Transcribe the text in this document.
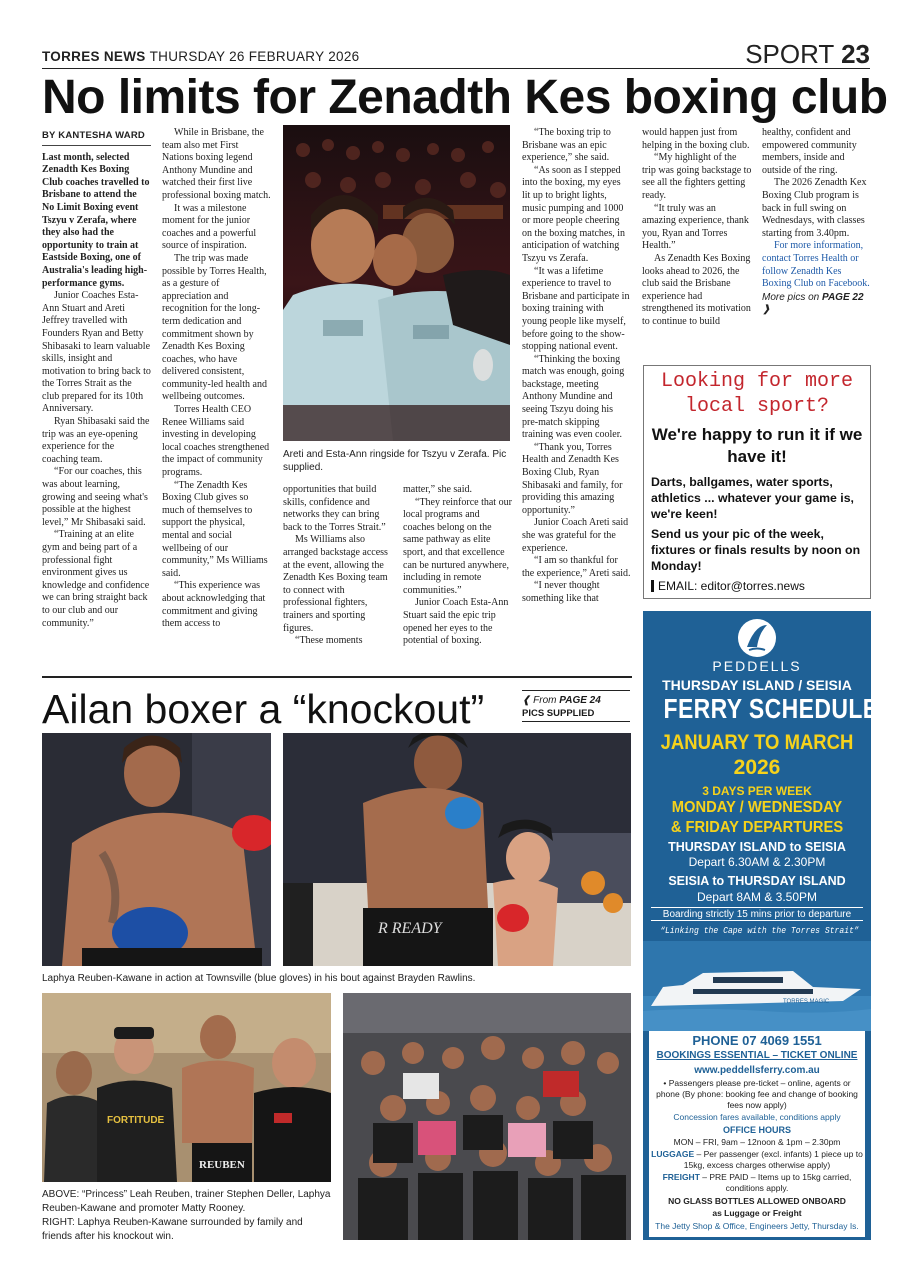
TORRES NEWS THURSDAY 26 FEBRUARY 2026	SPORT 23
No limits for Zenadth Kes boxing club
BY KANTESHA WARD

Last month, selected Zenadth Kes Boxing Club coaches travelled to Brisbane to attend the No Limit Boxing event Tszyu v Zerafa, where they also had the opportunity to train at Eastside Boxing, one of Australia's leading high-performance gyms.

Junior Coaches Esta-Ann Stuart and Areti Jeffrey travelled with Founders Ryan and Betty Shibasaki to learn valuable skills, insight and motivation to bring back to the Torres Strait as the club prepared for its 10th Anniversary.

Ryan Shibasaki said the trip was an eye-opening experience for the coaching team.

“For our coaches, this was about learning, growing and seeing what's possible at the highest level,” Mr Shibasaki said.

“Training at an elite gym and being part of a professional fight environment gives us knowledge and confidence we can bring straight back to our club and our community.”

While in Brisbane, the team also met First Nations boxing legend Anthony Mundine and watched their first live professional boxing match.

It was a milestone moment for the junior coaches and a powerful source of inspiration.

The trip was made possible by Torres Health, as a gesture of appreciation and recognition for the long-term dedication and commitment shown by Zenadth Kes Boxing coaches, who have delivered consistent, community-led health and wellbeing outcomes.

Torres Health CEO Renee Williams said investing in developing local coaches strengthened the impact of community programs.

“The Zenadth Kes Boxing Club gives so much of themselves to support the physical, mental and social wellbeing of our community,” Ms Williams said.

“This experience was about acknowledging that commitment and giving them access to

Areti and Esta-Ann ringside for Tszyu v Zerafa. Pic supplied.

opportunities that build skills, confidence and networks they can bring back to the Torres Strait.”

Ms Williams also arranged backstage access at the event, allowing the Zenadth Kes Boxing team to connect with professional fighters, trainers and sporting figures.

“These moments

matter,” she said.

“They reinforce that our local programs and coaches belong on the same pathway as elite sport, and that excellence can be nurtured anywhere, including in remote communities.”

Junior Coach Esta-Ann Stuart said the epic trip opened her eyes to the potential of boxing.

“The boxing trip to Brisbane was an epic experience,” she said.

“As soon as I stepped into the boxing, my eyes lit up to bright lights, music pumping and 1000 or more people cheering on the boxing matches, in anticipation of watching Tszyu vs Zerafa.

“It was a lifetime experience to travel to Brisbane and participate in boxing training with young people like myself, before going to the show-stopping national event.

“Thinking the boxing match was enough, going backstage, meeting Anthony Mundine and seeing Tszyu doing his pre-match skipping training was even cooler.

“Thank you, Torres Health and Zenadth Kes Boxing Club, Ryan Shibasaki and family, for providing this amazing opportunity.”

Junior Coach Areti said she was grateful for the experience.

“I am so thankful for the experience,” Areti said.

“I never thought something like that

would happen just from helping in the boxing club.

“My highlight of the trip was going backstage to see all the fighters getting ready.

“It truly was an amazing experience, thank you, Ryan and Torres Health.”

As Zenadth Kes Boxing looks ahead to 2026, the club said the Brisbane experience had strengthened its motivation to continue to build

healthy, confident and empowered community members, inside and outside of the ring.

The 2026 Zenadth Kex Boxing Club program is back in full swing on Wednesdays, with classes starting from 3.40pm.

For more information, contact Torres Health or follow Zenadth Kes Boxing Club on Facebook.

More pics on PAGE 22 ❱
Looking for more local sport?
We're happy to run it if we have it!
Darts, ballgames, water sports, athletics ... whatever your game is, we're keen!
Send us your pic of the week, fixtures or finals results by noon on Monday!
EMAIL: editor@torres.news
PEDDELLS
THURSDAY ISLAND / SEISIA
FERRY SCHEDULE
JANUARY TO MARCH
2026
3 DAYS PER WEEK
MONDAY / WEDNESDAY
& FRIDAY DEPARTURES
THURSDAY ISLAND to SEISIA
Depart 6.30AM & 2.30PM
SEISIA to THURSDAY ISLAND
Depart 8AM & 3.50PM
Boarding strictly 15 mins prior to departure
“Linking the Cape with the Torres Strait”
TORRES MAGIC
PHONE 07 4069 1551
BOOKINGS ESSENTIAL – TICKET ONLINE
www.peddellsferry.com.au
• Passengers please pre-ticket – online, agents or phone (By phone: booking fee and change of booking fees now apply)
Concession fares available, conditions apply
OFFICE HOURS
MON – FRI, 9am – 12noon & 1pm – 2.30pm
LUGGAGE – Per passenger (excl. infants) 1 piece up to 15kg, excess charges otherwise apply)
FREIGHT – PRE PAID – Items up to 15kg carried, conditions apply.
NO GLASS BOTTLES ALLOWED ONBOARD
as Luggage or Freight
The Jetty Shop & Office, Engineers Jetty, Thursday Is.
Ailan boxer a “knockout”	❰ From PAGE 24
PICS SUPPLIED
R READY
Laphya Reuben-Kawane in action at Townsville (blue gloves) in his bout against Brayden Rawlins.
FORTITUDE
REUBEN
ABOVE: “Princess” Leah Reuben, trainer Stephen Deller, Laphya Reuben-Kawane and promoter Matty Rooney.
RIGHT: Laphya Reuben-Kawane surrounded by family and friends after his knockout win.
